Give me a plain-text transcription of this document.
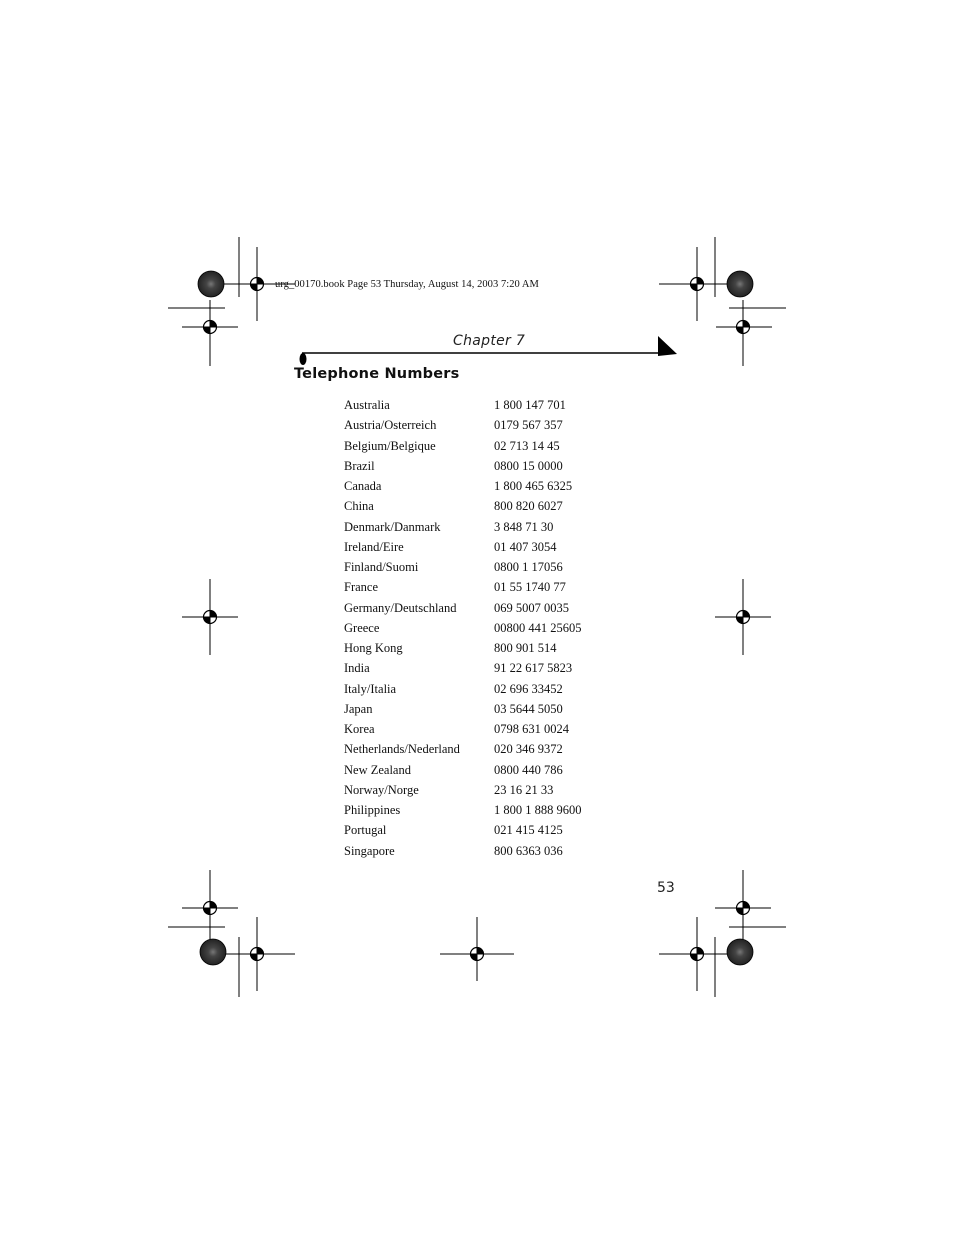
urg_00170.book Page 53 Thursday, August 14, 2003 7:20 AM
Chapter 7
Telephone Numbers
Australia	1 800 147 701
Austria/Osterreich	0179 567 357
Belgium/Belgique	02 713 14 45
Brazil	0800 15 0000
Canada	1 800 465 6325
China	800 820 6027
Denmark/Danmark	3 848 71 30
Ireland/Eire	01 407 3054
Finland/Suomi	0800 1 17056
France	01 55 1740 77
Germany/Deutschland	069 5007 0035
Greece	00800 441 25605
Hong Kong	800 901 514
India	91 22 617 5823
Italy/Italia	02 696 33452
Japan	03 5644 5050
Korea	0798 631 0024
Netherlands/Nederland	020 346 9372
New Zealand	0800 440 786
Norway/Norge	23 16 21 33
Philippines	1 800 1 888 9600
Portugal	021 415 4125
Singapore	800 6363 036
53
